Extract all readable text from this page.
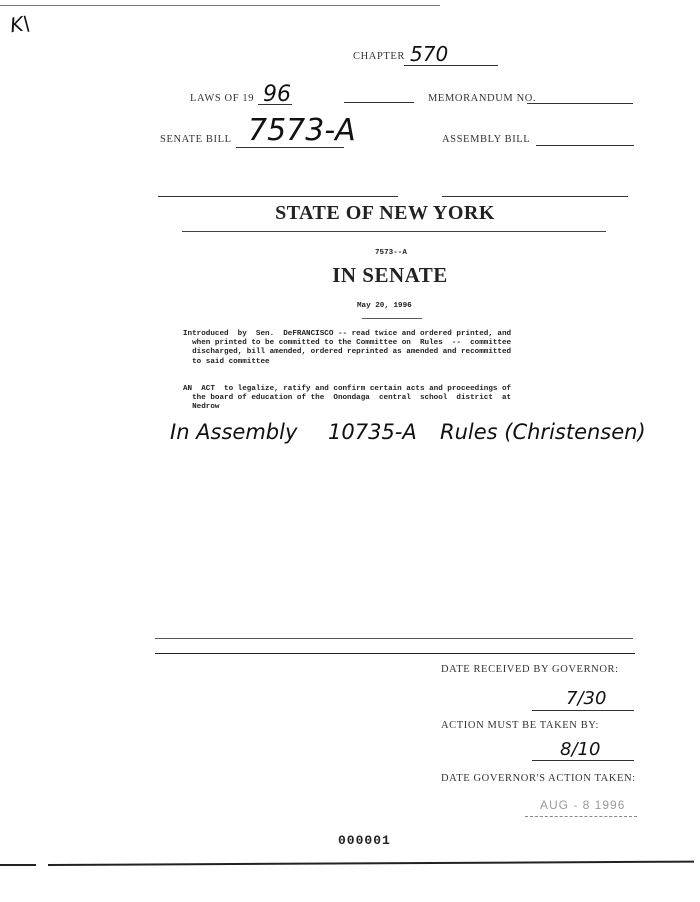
K\
CHAPTER 570
LAWS OF 19 96	MEMORANDUM NO.
SENATE BILL 7573-A	ASSEMBLY BILL
STATE OF NEW YORK
7573--A
IN SENATE
May 20, 1996
Introduced  by  Sen.  DeFRANCISCO -- read twice and ordered printed, and
when printed to be committed to the Committee on  Rules  --  committee
discharged, bill amended, ordered reprinted as amended and recommitted
to said committee
AN  ACT  to legalize, ratify and confirm certain acts and proceedings of
the board of education of the  Onondaga  central  school  district  at
Nedrow
In Assembly 10735-A Rules (Christensen)
DATE RECEIVED BY GOVERNOR:
7/30
ACTION MUST BE TAKEN BY:
8/10
DATE GOVERNOR'S ACTION TAKEN:
AUG - 8 1996
000001
